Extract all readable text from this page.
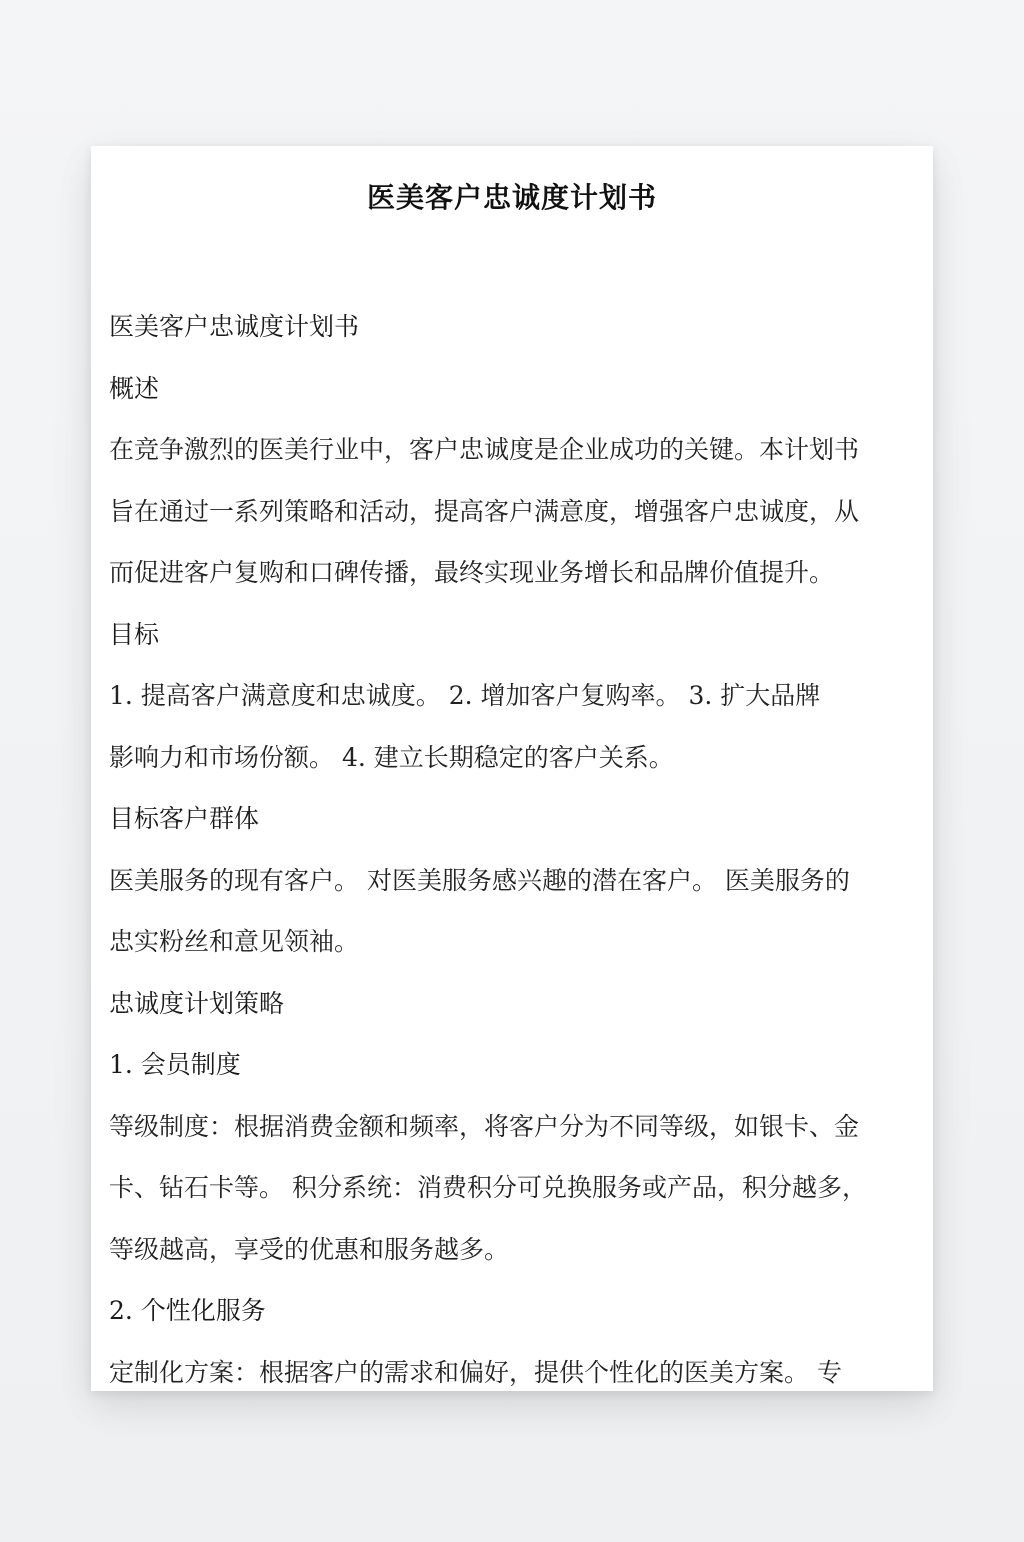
医美客户忠诚度计划书
医美客户忠诚度计划书
概述
在竞争激烈的医美行业中，客户忠诚度是企业成功的关键。本计划书
旨在通过一系列策略和活动，提高客户满意度，增强客户忠诚度，从
而促进客户复购和口碑传播，最终实现业务增长和品牌价值提升。
目标
1. 提高客户满意度和忠诚度。 2. 增加客户复购率。 3. 扩大品牌
影响力和市场份额。 4. 建立长期稳定的客户关系。
目标客户群体
医美服务的现有客户。 对医美服务感兴趣的潜在客户。 医美服务的
忠实粉丝和意见领袖。
忠诚度计划策略
1. 会员制度
等级制度：根据消费金额和频率，将客户分为不同等级，如银卡、金
卡、钻石卡等。 积分系统：消费积分可兑换服务或产品，积分越多，
等级越高，享受的优惠和服务越多。
2. 个性化服务
定制化方案：根据客户的需求和偏好，提供个性化的医美方案。 专
